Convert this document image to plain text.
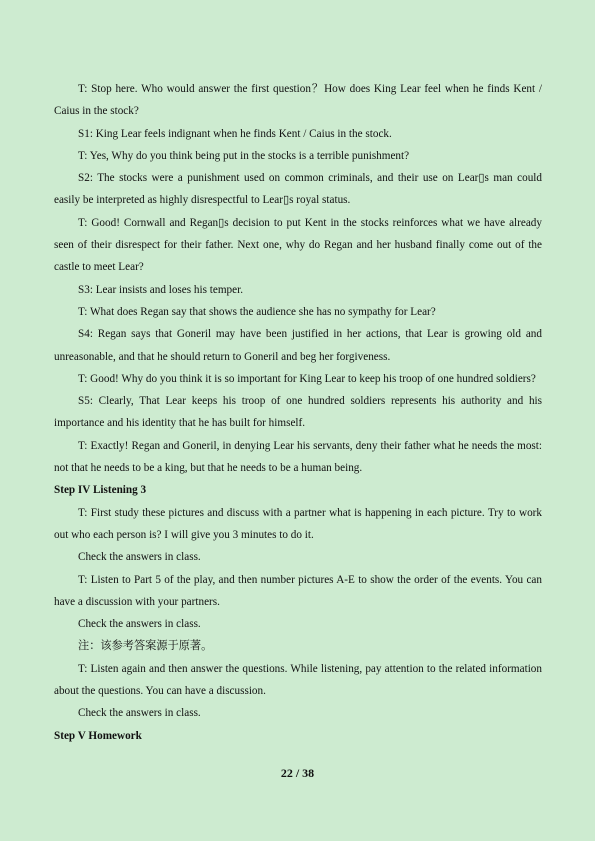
T: Stop here. Who would answer the first question？How does King Lear feel when he finds Kent / Caius in the stock?

S1: King Lear feels indignant when he finds Kent / Caius in the stock.

T: Yes, Why do you think being put in the stocks is a terrible punishment?

S2: The stocks were a punishment used on common criminals, and their use on Lear▯s man could easily be interpreted as highly disrespectful to Lear▯s royal status.

T: Good! Cornwall and Regan▯s decision to put Kent in the stocks reinforces what we have already seen of their disrespect for their father. Next one, why do Regan and her husband finally come out of the castle to meet Lear?

S3: Lear insists and loses his temper.

T: What does Regan say that shows the audience she has no sympathy for Lear?

S4: Regan says that Goneril may have been justified in her actions, that Lear is growing old and unreasonable, and that he should return to Goneril and beg her forgiveness.

T: Good! Why do you think it is so important for King Lear to keep his troop of one hundred soldiers?

S5: Clearly, That Lear keeps his troop of one hundred soldiers represents his authority and his importance and his identity that he has built for himself.

T: Exactly! Regan and Goneril, in denying Lear his servants, deny their father what he needs the most: not that he needs to be a king, but that he needs to be a human being.

Step IV Listening 3

T: First study these pictures and discuss with a partner what is happening in each picture. Try to work out who each person is? I will give you 3 minutes to do it.

Check the answers in class.

T: Listen to Part 5 of the play, and then number pictures A-E to show the order of the events. You can have a discussion with your partners.

Check the answers in class.

注：该参考答案源于原著。

T: Listen again and then answer the questions. While listening, pay attention to the related information about the questions. You can have a discussion.

Check the answers in class.

Step V Homework

22 / 38
